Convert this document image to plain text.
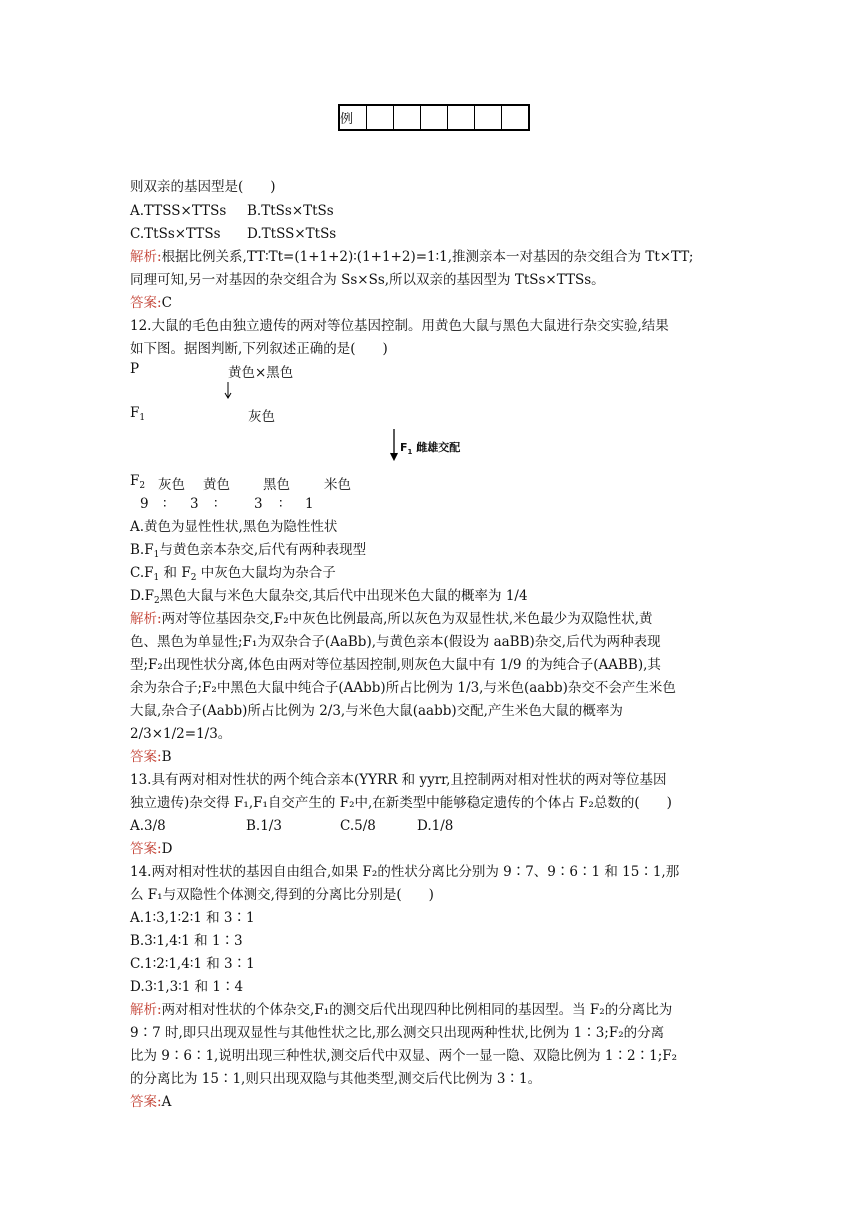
例						
则双亲的基因型是(　　)
A.TTSS×TTSs B.TtSs×TtSs
C.TtSs×TTSs D.TtSS×TtSs
解析:根据比例关系,TT∶Tt=(1+1+2)∶(1+1+2)=1∶1,推测亲本一对基因的杂交组合为 Tt×TT;
同理可知,另一对基因的杂交组合为 Ss×Ss,所以双亲的基因型为 TtSs×TTSs。
答案:C
12.大鼠的毛色由独立遗传的两对等位基因控制。用黄色大鼠与黑色大鼠进行杂交实验,结果
如下图。据图判断,下列叙述正确的是(　　)
P	黄色×黑色
$F_1$	灰色
$F_1$ 雌雄交配
$F_2$ 灰色 黄色 黑色	米色
9 ∶ 3 ∶	3 ∶ 1
A.黄色为显性性状,黑色为隐性性状
$B.F_1$与黄色亲本杂交,后代有两种表现型
$C.F_1$ 和 $F_2$ 中灰色大鼠均为杂合子
$D.F_2$黑色大鼠与米色大鼠杂交,其后代中出现米色大鼠的概率为 1/4
解析:两对等位基因杂交,F₂中灰色比例最高,所以灰色为双显性状,米色最少为双隐性状,黄
色、黑色为单显性;F₁为双杂合子(AaBb),与黄色亲本(假设为 aaBB)杂交,后代为两种表现
型;F₂出现性状分离,体色由两对等位基因控制,则灰色大鼠中有 1/9 的为纯合子(AABB),其
余为杂合子;F₂中黑色大鼠中纯合子(AAbb)所占比例为 1/3,与米色(aabb)杂交不会产生米色
大鼠,杂合子(Aabb)所占比例为 2/3,与米色大鼠(aabb)交配,产生米色大鼠的概率为
2/3×1/2=1/3。
答案:B
13.具有两对相对性状的两个纯合亲本(YYRR 和 yyrr,且控制两对相对性状的两对等位基因
独立遗传)杂交得 F₁,F₁自交产生的 F₂中,在新类型中能够稳定遗传的个体占 F₂总数的(　　)
A.3/8	B.1/3	C.5/8	D.1/8
答案:D
14.两对相对性状的基因自由组合,如果 F₂的性状分离比分别为 9∶7、9∶6∶1 和 15∶1,那
么 F₁与双隐性个体测交,得到的分离比分别是(　　)
A.1∶3,1∶2∶1 和 3∶1
B.3∶1,4∶1 和 1∶3
C.1∶2∶1,4∶1 和 3∶1
D.3∶1,3∶1 和 1∶4
解析:两对相对性状的个体杂交,F₁的测交后代出现四种比例相同的基因型。当 F₂的分离比为
9∶7 时,即只出现双显性与其他性状之比,那么测交只出现两种性状,比例为 1∶3;F₂的分离
比为 9∶6∶1,说明出现三种性状,测交后代中双显、两个一显一隐、双隐比例为 1∶2∶1;F₂
的分离比为 15∶1,则只出现双隐与其他类型,测交后代比例为 3∶1。
答案:A
